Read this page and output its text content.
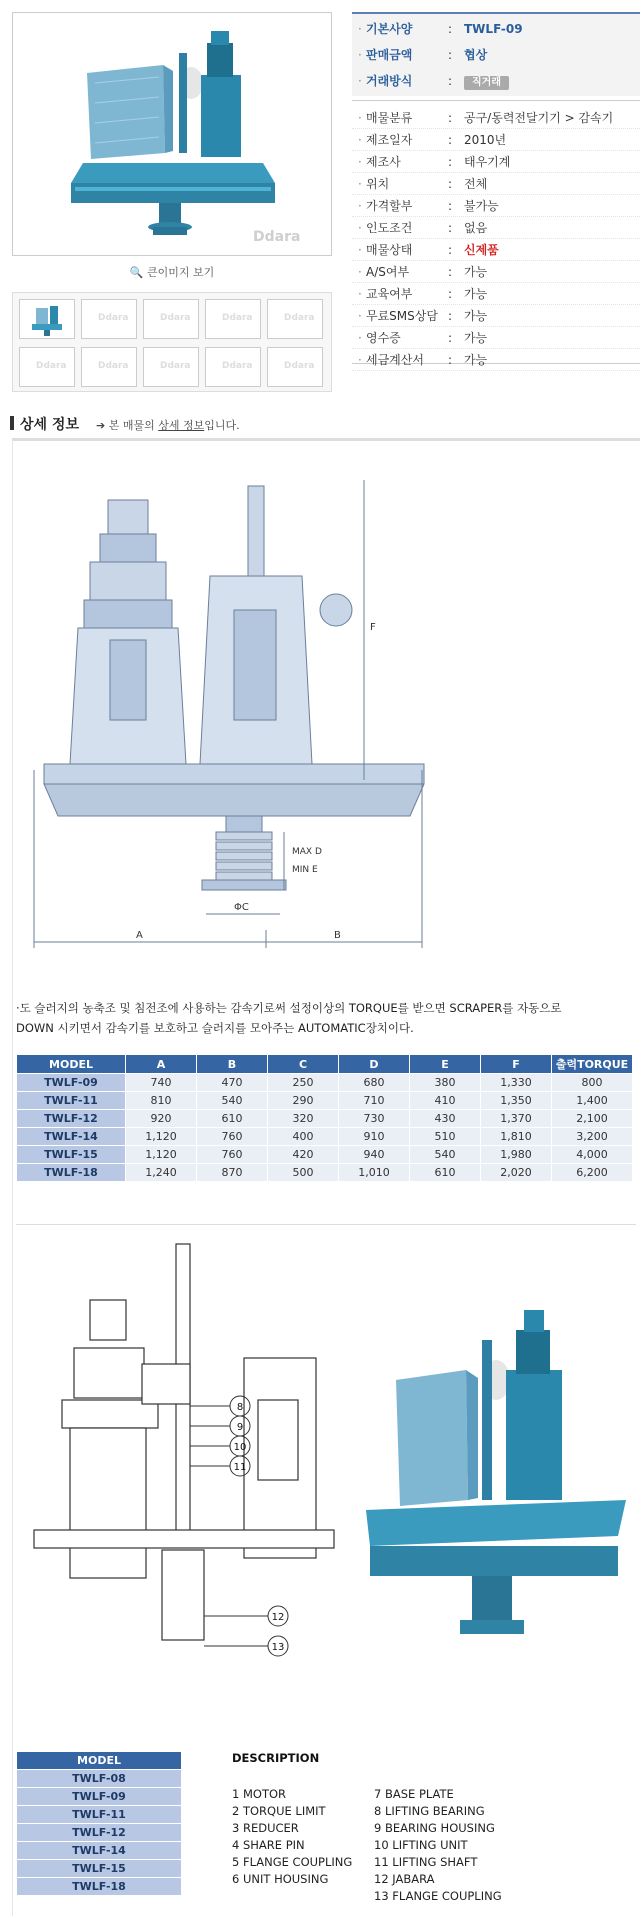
Ddara
🔍 큰이미지 보기
Ddara	Ddara	Ddara	Ddara
Ddara	Ddara	Ddara	Ddara	Ddara
· 기본사양	: TWLF-09
· 판매금액	: 협상
· 거래방식	:	직거래
· 매물분류	: 공구/동력전달기기 > 감속기
· 제조일자	: 2010년
· 제조사	: 태우기계
· 위치	: 전체
· 가격할부	: 불가능
· 인도조건	: 없음
· 매물상태	: 신제품
· A/S여부	: 가능
· 교육여부	: 가능
· 무료SMS상담 : 가능
· 영수증	: 가능
· 세금계산서 : 가능
상세 정보 ➔ 본 매물의 상세 정보입니다.
A	B
ΦC
MAX D
MIN E
F
·도 슬러지의 농축조 및 침전조에 사용하는 감속기로써 설정이상의 TORQUE를 받으면 SCRAPER를 자동으로
DOWN 시키면서 감속기를 보호하고 슬러지를 모아주는 AUTOMATIC장치이다.
MODEL	A	B	C	D	E	F	출력TORQUE
TWLF-09	740	470	250	680	380	1,330	800
TWLF-11	810	540	290	710	410	1,350	1,400
TWLF-12	920	610	320	730	430	1,370	2,100
TWLF-14	1,120	760	400	910	510	1,810	3,200
TWLF-15	1,120	760	420	940	540	1,980	4,000
TWLF-18	1,240	870	500	1,010	610	2,020	6,200
8
9
10
11
12
13
MODEL
TWLF-08
TWLF-09
TWLF-11
TWLF-12
TWLF-14
TWLF-15
TWLF-18
DESCRIPTION
1 MOTOR
2 TORQUE LIMIT
3 REDUCER
4 SHARE PIN
5 FLANGE COUPLING
6 UNIT HOUSING
7 BASE PLATE
8 LIFTING BEARING
9 BEARING HOUSING
10 LIFTING UNIT
11 LIFTING SHAFT
12 JABARA
13 FLANGE COUPLING
